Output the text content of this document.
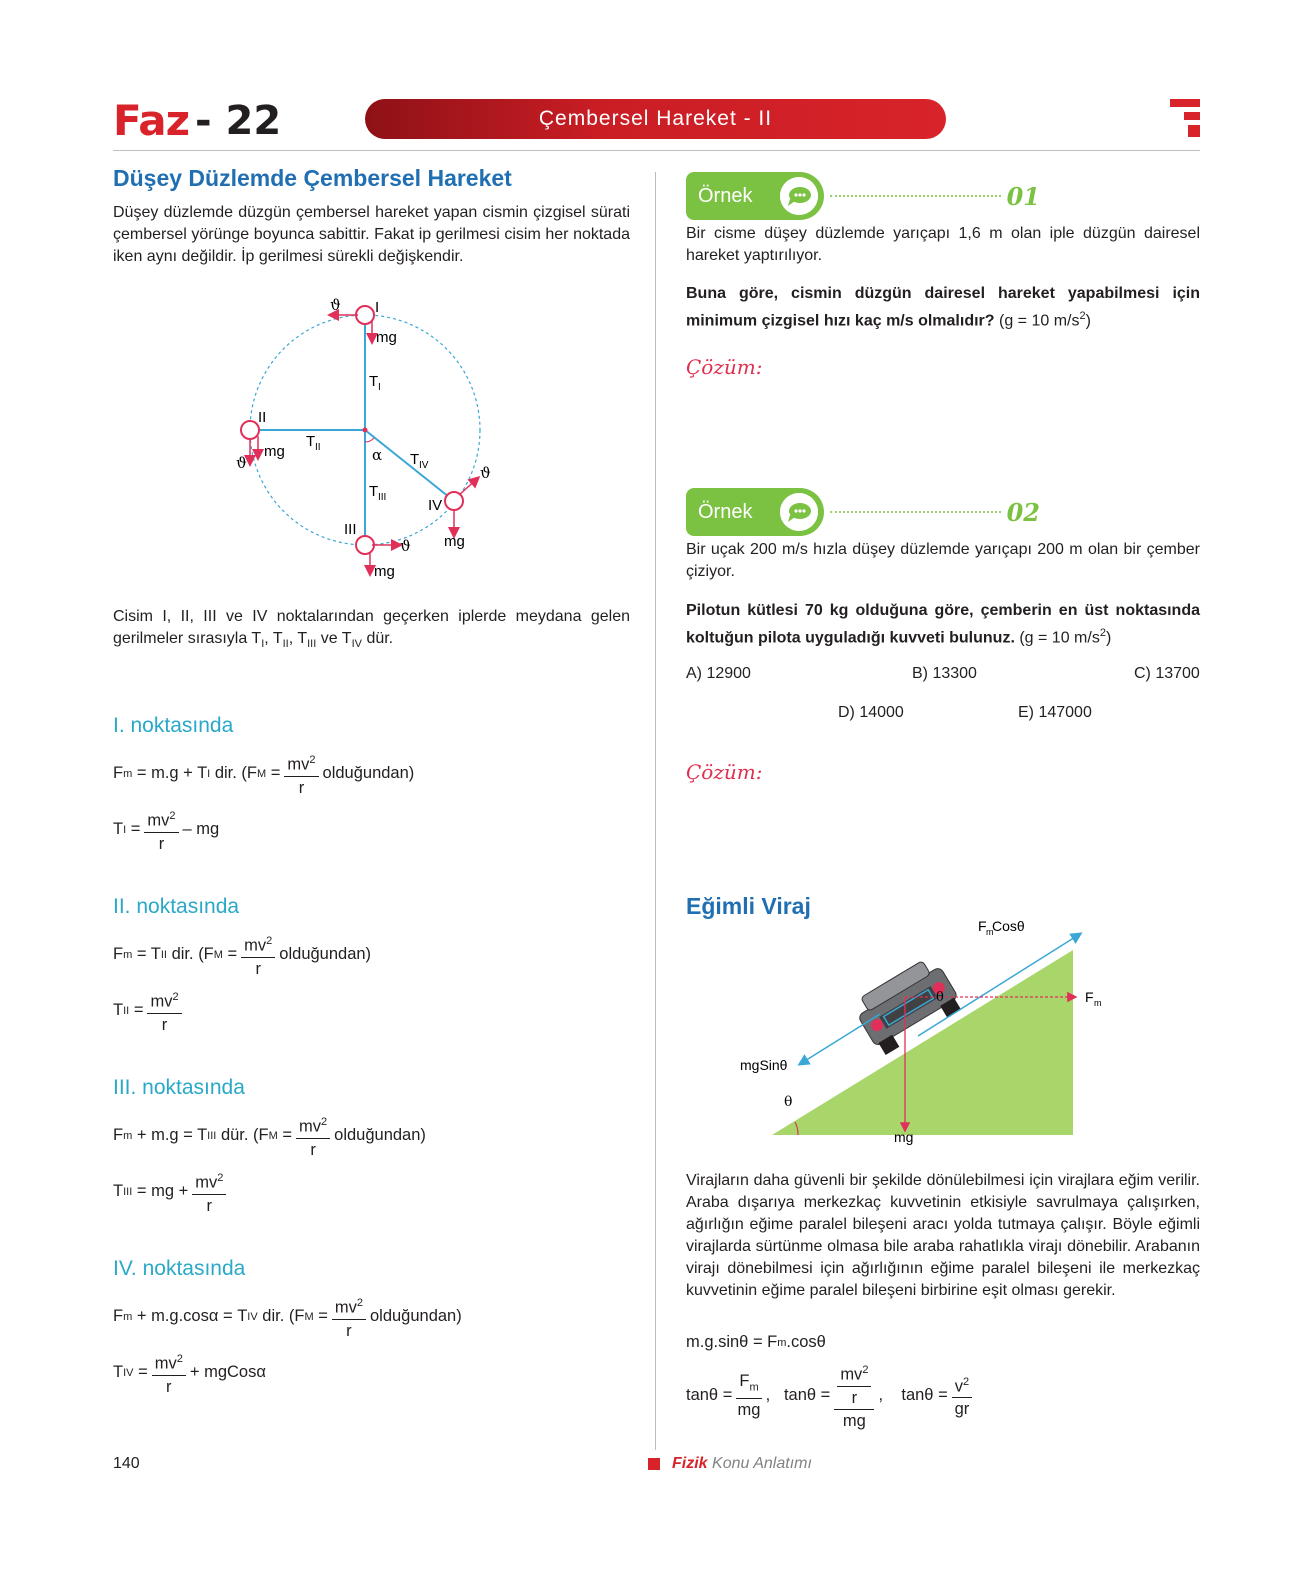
Faz - 22	Çembersel Hareket - II
Düşey Düzlemde Çembersel Hareket
Düşey düzlemde düzgün çembersel hareket yapan cismin çizgisel sürati çembersel yörünge boyunca sabittir. Fakat ip gerilmesi cisim her noktada iken aynı değildir. İp gerilmesi sürekli değişkendir.
ϑ I
mg
T I
II
mg
ϑ
T II	α T IV
T III	IV
ϑ
mg
III
ϑ
mg
Cisim I, II, III ve IV noktalarından geçerken iplerde meydana gelen gerilmeler sırasıyla $T_I$, $T_{II}$, $T_{III}$ ve $T_{IV}$ dür.
I. noktasında
F m
= m.g + T I
dir. (F M
= $\frac{mv^2}{r}$ olduğundan)
T I
= $\frac{mv^2}{r}$ – mg
II. noktasında
F m
= T II
dir. (F M
= $\frac{mv^2}{r}$ olduğundan)
T II
= $\frac{mv^2}{r}$
III. noktasında
F m
+ m.g = T III
dür. (F M
= $\frac{mv^2}{r}$ olduğundan)
T III
= mg + $\frac{mv^2}{r}$
IV. noktasında
F m
+ m.g.cosα = T IV
dir. (F M
= $\frac{mv^2}{r}$ olduğundan)
T IV
= $\frac{mv^2}{r}$ + mgCosα
Örnek	01
Bir cisme düşey düzlemde yarıçapı 1,6 m olan iple düzgün dairesel hareket yaptırılıyor.
Buna göre, cismin düzgün dairesel hareket yapabilmesi için minimum çizgisel hızı kaç m/s olmalıdır? (g = 10 $m/s^2$)
Çözüm:
Örnek	02
Bir uçak 200 m/s hızla düşey düzlemde yarıçapı 200 m olan bir çember çiziyor.
Pilotun kütlesi 70 kg olduğuna göre, çemberin en üst noktasında koltuğun pilota uyguladığı kuvveti bulunuz. (g = 10 $m/s^2$)
A) 12900	B) 13300	C) 13700
D) 14000	E) 147000
Çözüm:
Eğimli Viraj
F m
Cosθ
F m
mgSinθ
θ
θ
mg
Virajların daha güvenli bir şekilde dönülebilmesi için virajlara eğim verilir. Araba dışarıya merkezkaç kuvvetinin etkisiyle savrulmaya çalışırken, ağırlığın eğime paralel bileşeni aracı yolda tutmaya çalışır. Böyle eğimli virajlarda sürtünme olmasa bile araba rahatlıkla virajı dönebilir. Arabanın virajı dönebilmesi için ağırlığının eğime paralel bileşeni ile merkezkaç kuvvetinin eğime paralel bileşeni birbirine eşit olması gerekir.
m.g.sinθ = F m .cosθ
$\tan\theta = \frac{F_m}{mg}$ ,
$\tan\theta = \frac{\frac{mv^2}{r}}{mg}$ ,
$\tan\theta = \frac{v^2}{gr}$
140	Fizik
Konu Anlatımı
